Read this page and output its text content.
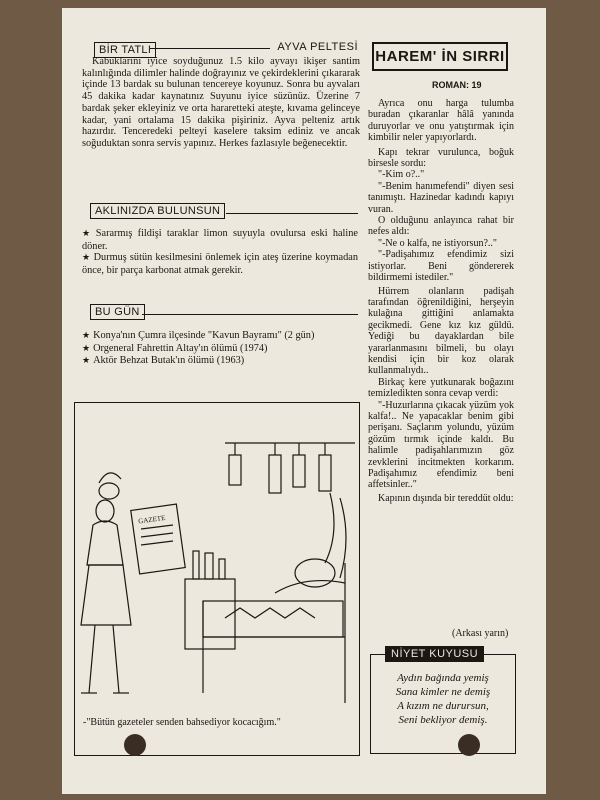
BİR TATLI	AYVA PELTESİ

Kabuklarını iyice soyduğunuz 1.5 kilo ayvayı ikişer santim kalınlığında dilimler halinde doğrayınız ve çekirdeklerini çıkararak içinde 13 bardak su bulunan tencereye koyunuz. Sonra bu ayvaları 45 dakika kadar kaynatınız Suyunu iyice süzünüz. Üzerine 7 bardak şeker ekleyiniz ve orta hararetteki ateşte, kıvama gelinceye kadar, yani ortalama 15 dakika pişiriniz. Ayva pelteniz artık hazırdır. Tenceredeki pelteyi kaselere taksim ediniz ve ancak soğuduktan sonra servis yapınız. Herkes fazlasıyle beğenecektir.

AKLINIZDA BULUNSUN
★ Sararmış fildişi taraklar limon suyuyla ovulursa eski haline döner.
★ Durmuş sütün kesilmesini önlemek için ateş üzerine koymadan önce, bir parça karbonat atmak gerekir.
BU GÜN
★ Konya'nın Çumra ilçesinde "Kavun Bayramı" (2 gün)
★ Orgeneral Fahrettin Altay'ın ölümü (1974)
★ Aktör Behzat Butak'ın ölümü (1963)
GAZETE
-"Bütün gazeteler senden bahsediyor kocacığım."
HAREM' İN SIRRI
ROMAN: 19

Ayrıca onu harga tulumba buradan çıkaranlar hâlâ yanında duruyorlar ve onu yatıştırmak için kimbilir neler yapıyorlardı.

Kapı tekrar vurulunca, boğuk birsesle sordu:

"-Kim o?.."

"-Benim hanımefendi" diyen sesi tanımıştı. Hazinedar kadındı kapıyı vuran.

O olduğunu anlayınca rahat bir nefes aldı:

"-Ne o kalfa, ne istiyorsun?.."

"-Padişahımız efendimiz sizi istiyorlar. Beni göndererek bildirmemi istediler."

Hürrem olanların padişah tarafından öğrenildiğini, herşeyin kulağına gittiğini anlamakta gecikmedi. Gene kız kız güldü. Yediği bu dayaklardan bile yararlanmasını bilmeli, bu olayı kendisi için bir koz olarak kullanmalıydı..

Birkaç kere yutkunarak boğazını temizledikten sonra cevap verdi:

"-Huzurlarına çıkacak yüzüm yok kalfa!.. Ne yapacaklar benim gibi perişanı. Saçlarım yolundu, yüzüm gözüm tırmık içinde kaldı. Bu halimle padişahlarımızın göz zevklerini incitmekten korkarım. Padişahımız efendimiz beni affetsinler.."

Kapının dışında bir tereddüt oldu:

(Arkası yarın)
NİYET KUYUSU
Aydın bağında yemiş
Sana kimler ne demiş
A kızım ne durursun,
Seni bekliyor demiş.
